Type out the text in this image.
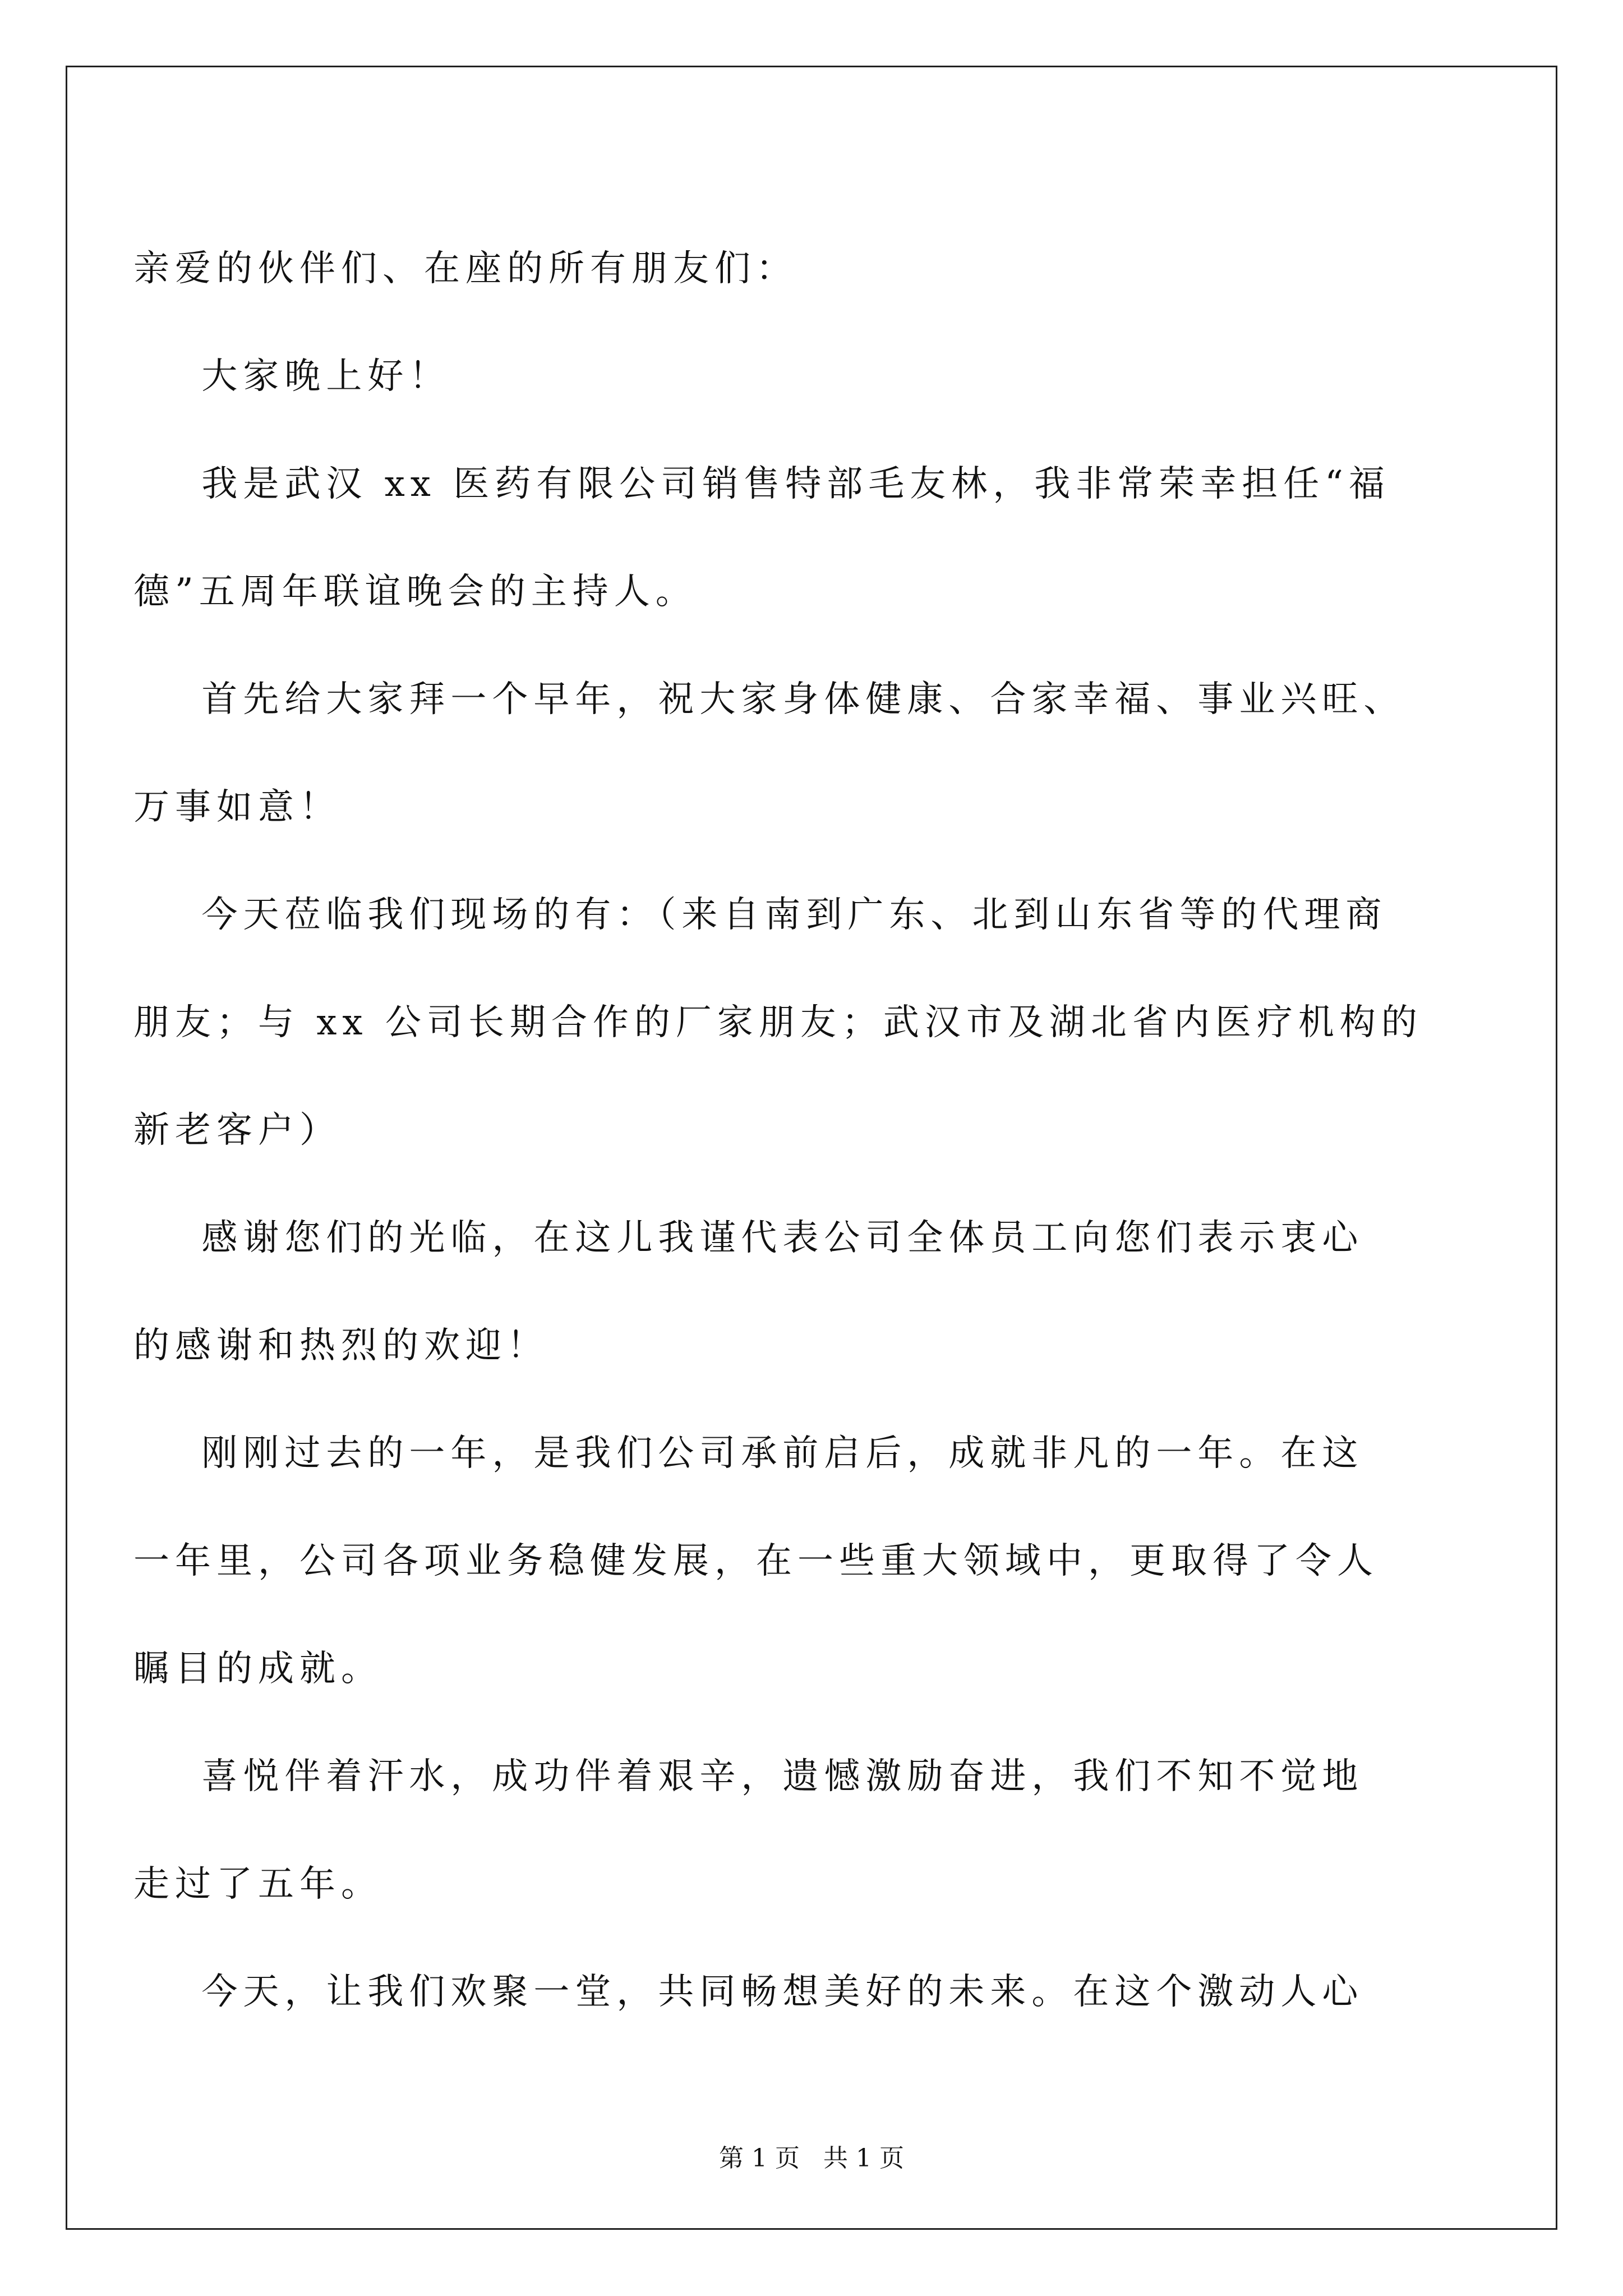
亲爱的伙伴们、在座的所有朋友们：

大家晚上好！

我是武汉 xx 医药有限公司销售特部毛友林，我非常荣幸担任“福

德”五周年联谊晚会的主持人。

首先给大家拜一个早年，祝大家身体健康、合家幸福、事业兴旺、

万事如意！

今天莅临我们现场的有：（来自南到广东、北到山东省等的代理商

朋友；与 xx 公司长期合作的厂家朋友；武汉市及湖北省内医疗机构的

新老客户）

感谢您们的光临，在这儿我谨代表公司全体员工向您们表示衷心

的感谢和热烈的欢迎！

刚刚过去的一年，是我们公司承前启后，成就非凡的一年。在这

一年里，公司各项业务稳健发展，在一些重大领域中，更取得了令人

瞩目的成就。

喜悦伴着汗水，成功伴着艰辛，遗憾激励奋进，我们不知不觉地

走过了五年。

今天，让我们欢聚一堂，共同畅想美好的未来。在这个激动人心

第 1 页   共 1 页
